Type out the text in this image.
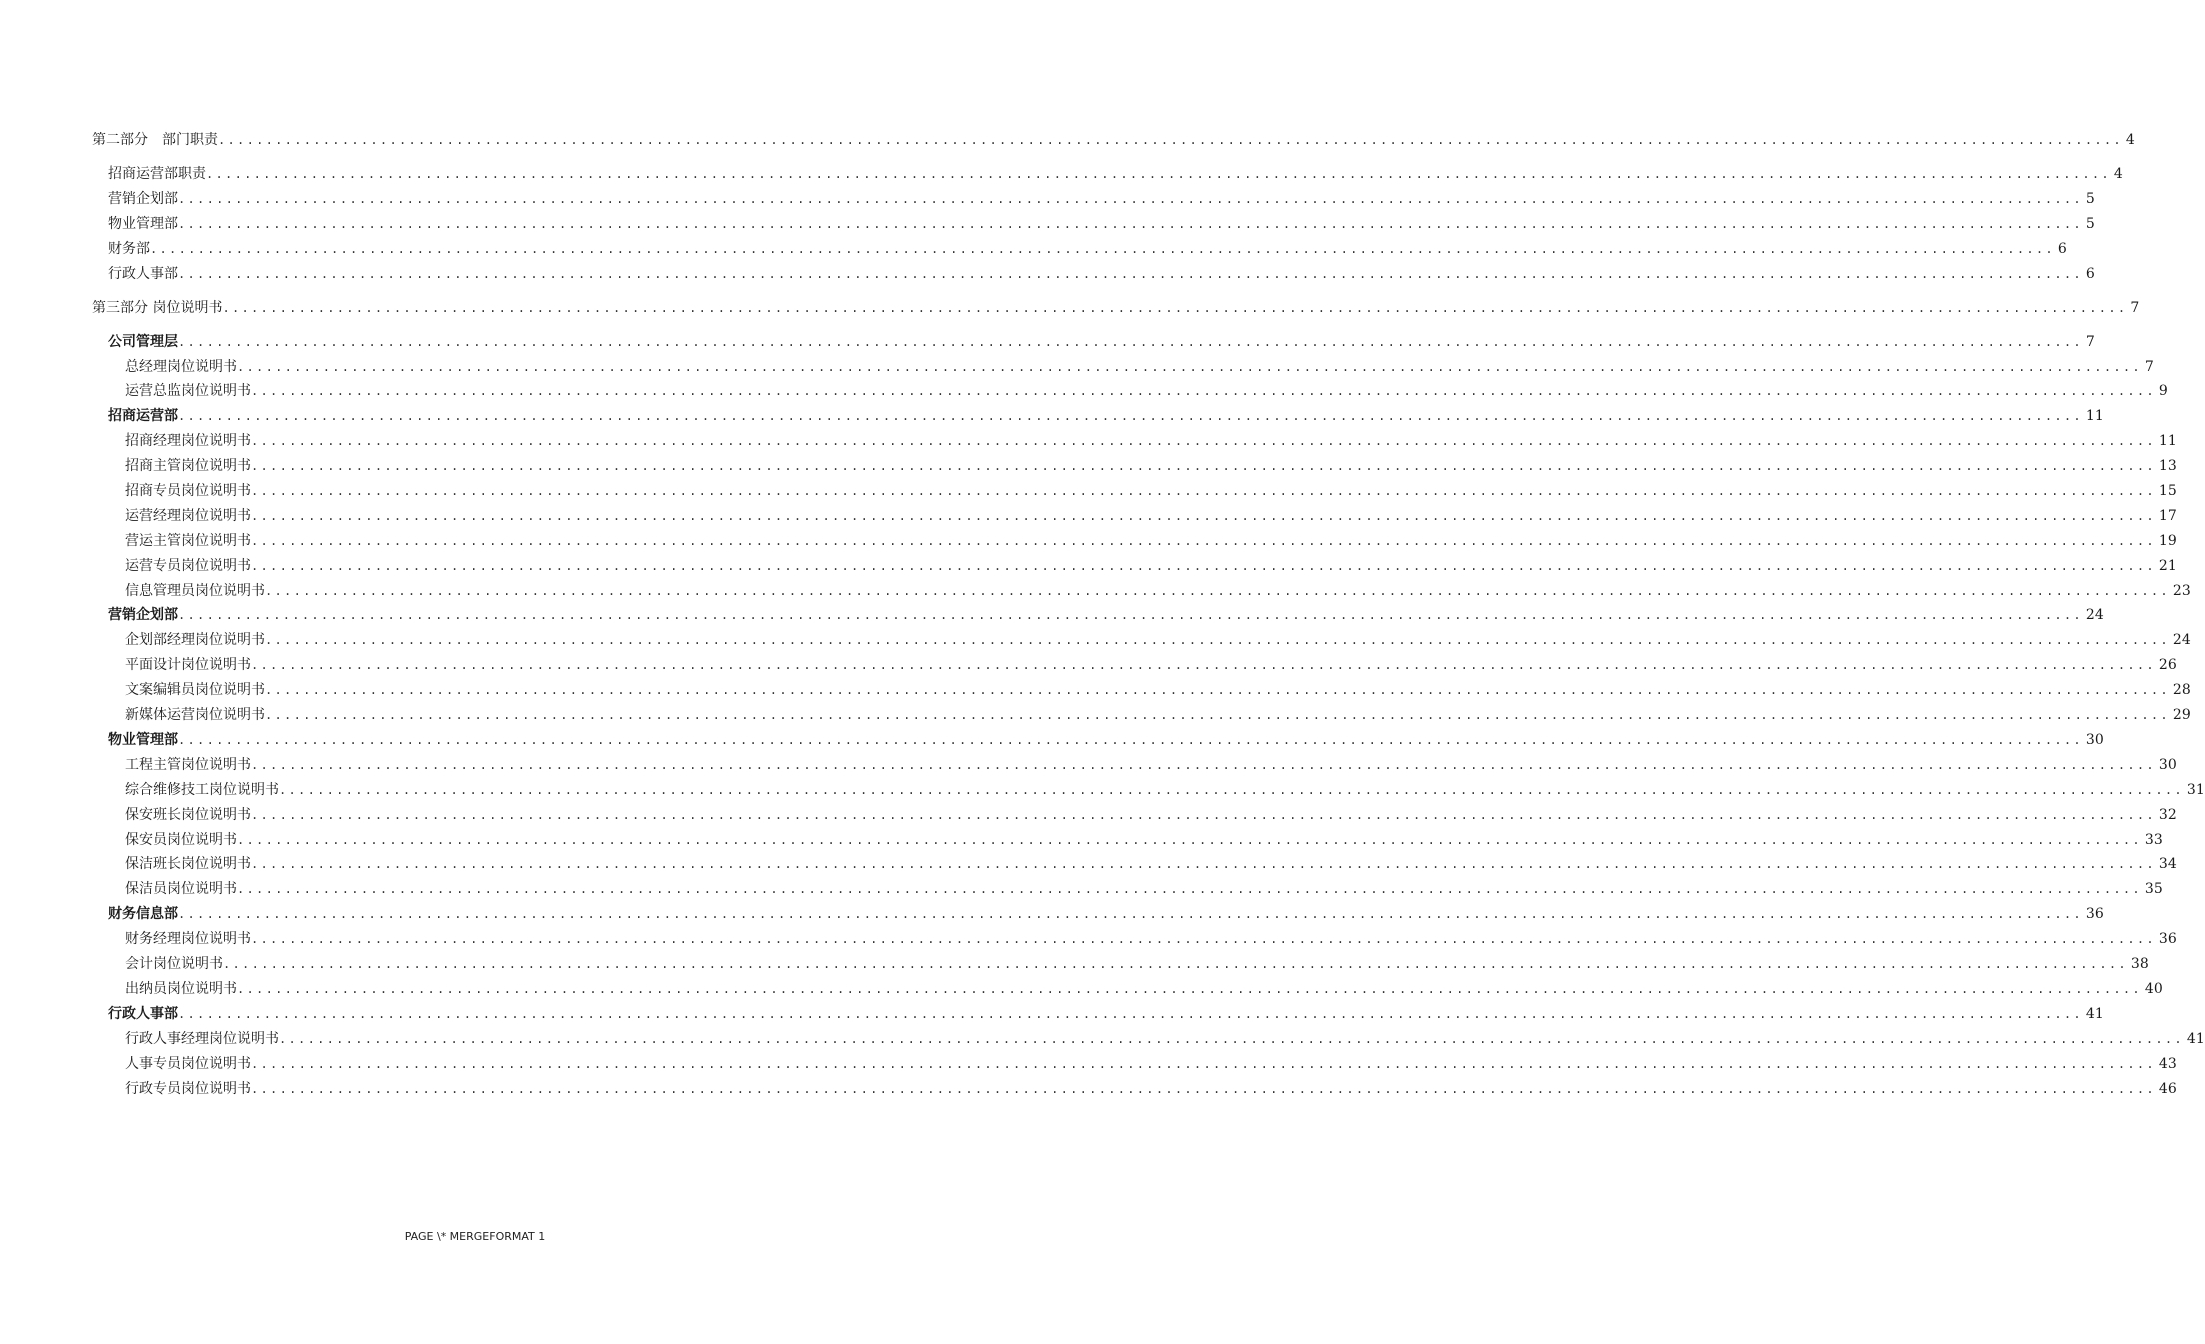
第二部分　部门职责 ........................................................................................................................................................................................................ 4
招商运营部职责 ........................................................................................................................................................................................................ 4
营销企划部 ........................................................................................................................................................................................................ 5
物业管理部 ........................................................................................................................................................................................................ 5
财务部 ........................................................................................................................................................................................................ 6
行政人事部 ........................................................................................................................................................................................................ 6
第三部分 岗位说明书 ........................................................................................................................................................................................................ 7
公司管理层 ........................................................................................................................................................................................................ 7
总经理岗位说明书 ........................................................................................................................................................................................................ 7
运营总监岗位说明书 ........................................................................................................................................................................................................ 9
招商运营部 ........................................................................................................................................................................................................ 11
招商经理岗位说明书 ........................................................................................................................................................................................................ 11
招商主管岗位说明书 ........................................................................................................................................................................................................ 13
招商专员岗位说明书 ........................................................................................................................................................................................................ 15
运营经理岗位说明书 ........................................................................................................................................................................................................ 17
营运主管岗位说明书 ........................................................................................................................................................................................................ 19
运营专员岗位说明书 ........................................................................................................................................................................................................ 21
信息管理员岗位说明书 ........................................................................................................................................................................................................ 23
营销企划部 ........................................................................................................................................................................................................ 24
企划部经理岗位说明书 ........................................................................................................................................................................................................ 24
平面设计岗位说明书 ........................................................................................................................................................................................................ 26
文案编辑员岗位说明书 ........................................................................................................................................................................................................ 28
新媒体运营岗位说明书 ........................................................................................................................................................................................................ 29
物业管理部 ........................................................................................................................................................................................................ 30
工程主管岗位说明书 ........................................................................................................................................................................................................ 30
综合维修技工岗位说明书 ........................................................................................................................................................................................................ 31
保安班长岗位说明书 ........................................................................................................................................................................................................ 32
保安员岗位说明书 ........................................................................................................................................................................................................ 33
保洁班长岗位说明书 ........................................................................................................................................................................................................ 34
保洁员岗位说明书 ........................................................................................................................................................................................................ 35
财务信息部 ........................................................................................................................................................................................................ 36
财务经理岗位说明书 ........................................................................................................................................................................................................ 36
会计岗位说明书 ........................................................................................................................................................................................................ 38
出纳员岗位说明书 ........................................................................................................................................................................................................ 40
行政人事部 ........................................................................................................................................................................................................ 41
行政人事经理岗位说明书 ........................................................................................................................................................................................................ 41
人事专员岗位说明书 ........................................................................................................................................................................................................ 43
行政专员岗位说明书 ........................................................................................................................................................................................................ 46
PAGE \* MERGEFORMAT 1
